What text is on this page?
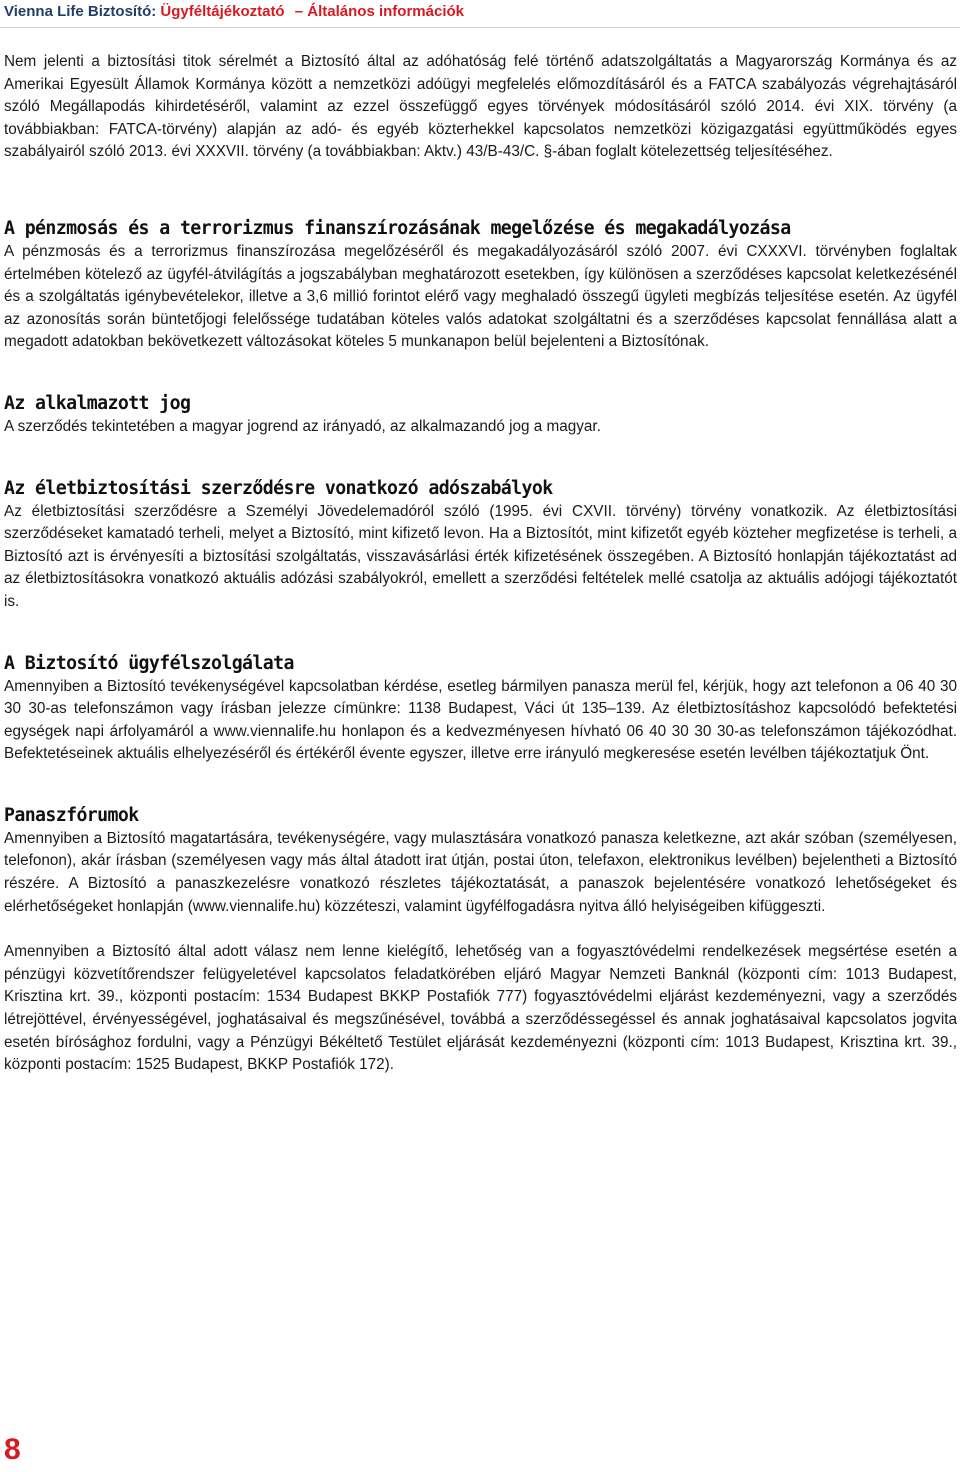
Vienna Life Biztosító: Ügyféltájékoztató – Általános információk

Nem jelenti a biztosítási titok sérelmét a Biztosító által az adóhatóság felé történő adatszolgáltatás a Magyarország Kormánya és az Amerikai Egyesült Államok Kormánya között a nemzetközi adóügyi megfelelés előmozdításáról és a FATCA szabályozás végrehajtásáról szóló Megállapodás kihirdetéséről, valamint az ezzel összefüggő egyes törvények módosításáról szóló 2014. évi XIX. törvény (a továbbiakban: FATCA-törvény) alapján az adó- és egyéb közterhekkel kapcsolatos nemzetközi közigazgatási együttműködés egyes szabályairól szóló 2013. évi XXXVII. törvény (a továbbiakban: Aktv.) 43/B-43/C. §-ában foglalt kötelezettség teljesítéséhez.

A pénzmosás és a terrorizmus finanszírozásának megelőzése és megakadályozása

A pénzmosás és a terrorizmus finanszírozása megelőzéséről és megakadályozásáról szóló 2007. évi CXXXVI. törvényben foglaltak értelmében kötelező az ügyfél-átvilágítás a jogszabályban meghatározott esetekben, így különösen a szerződéses kapcsolat keletkezésénél és a szolgáltatás igénybevételekor, illetve a 3,6 millió forintot elérő vagy meghaladó összegű ügyleti megbízás teljesítése esetén. Az ügyfél az azonosítás során büntetőjogi felelőssége tudatában köteles valós adatokat szolgáltatni és a szerződéses kapcsolat fennállása alatt a megadott adatokban bekövetkezett változásokat köteles 5 munkanapon belül bejelenteni a Biztosítónak.

Az alkalmazott jog

A szerződés tekintetében a magyar jogrend az irányadó, az alkalmazandó jog a magyar.

Az életbiztosítási szerződésre vonatkozó adószabályok

Az életbiztosítási szerződésre a Személyi Jövedelemadóról szóló (1995. évi CXVII. törvény) törvény vonatkozik. Az életbiztosítási szerződéseket kamatadó terheli, melyet a Biztosító, mint kifizető levon. Ha a Biztosítót, mint kifizetőt egyéb közteher megfizetése is terheli, a Biztosító azt is érvényesíti a biztosítási szolgáltatás, visszavásárlási érték kifizetésének összegében. A Biztosító honlapján tájékoztatást ad az életbiztosításokra vonatkozó aktuális adózási szabályokról, emellett a szerződési feltételek mellé csatolja az aktuális adójogi tájékoztatót is.

A Biztosító ügyfélszolgálata

Amennyiben a Biztosító tevékenységével kapcsolatban kérdése, esetleg bármilyen panasza merül fel, kérjük, hogy azt telefonon a 06 40 30 30 30-as telefonszámon vagy írásban jelezze címünkre: 1138 Budapest, Váci út 135–139. Az életbiztosításhoz kapcsolódó befektetési egységek napi árfolyamáról a www.viennalife.hu honlapon és a kedvezményesen hívható 06 40 30 30 30-as telefonszámon tájékozódhat. Befektetéseinek aktuális elhelyezéséről és értékéről évente egyszer, illetve erre irányuló megkeresése esetén levélben tájékoztatjuk Önt.

Panaszfórumok

Amennyiben a Biztosító magatartására, tevékenységére, vagy mulasztására vonatkozó panasza keletkezne, azt akár szóban (személyesen, telefonon), akár írásban (személyesen vagy más által átadott irat útján, postai úton, telefaxon, elektronikus levélben) bejelentheti a Biztosító részére. A Biztosító a panaszkezelésre vonatkozó részletes tájékoztatását, a panaszok bejelentésére vonatkozó lehetőségeket és elérhetőségeket honlapján (www.viennalife.hu) közzéteszi, valamint ügyfélfogadásra nyitva álló helyiségeiben kifüggeszti.

Amennyiben a Biztosító által adott válasz nem lenne kielégítő, lehetőség van a fogyasztóvédelmi rendelkezések megsértése esetén a pénzügyi közvetítőrendszer felügyeletével kapcsolatos feladatkörében eljáró Magyar Nemzeti Banknál (központi cím: 1013 Budapest, Krisztina krt. 39., központi postacím: 1534 Budapest BKKP Postafiók 777) fogyasztóvédelmi eljárást kezdeményezni, vagy a szerződés létrejöttével, érvényességével, joghatásaival és megszűnésével, továbbá a szerződéssegéssel és annak joghatásaival kapcsolatos jogvita esetén bírósághoz fordulni, vagy a Pénzügyi Békéltető Testület eljárását kezdeményezni (központi cím: 1013 Budapest, Krisztina krt. 39., központi postacím: 1525 Budapest, BKKP Postafiók 172).

8
